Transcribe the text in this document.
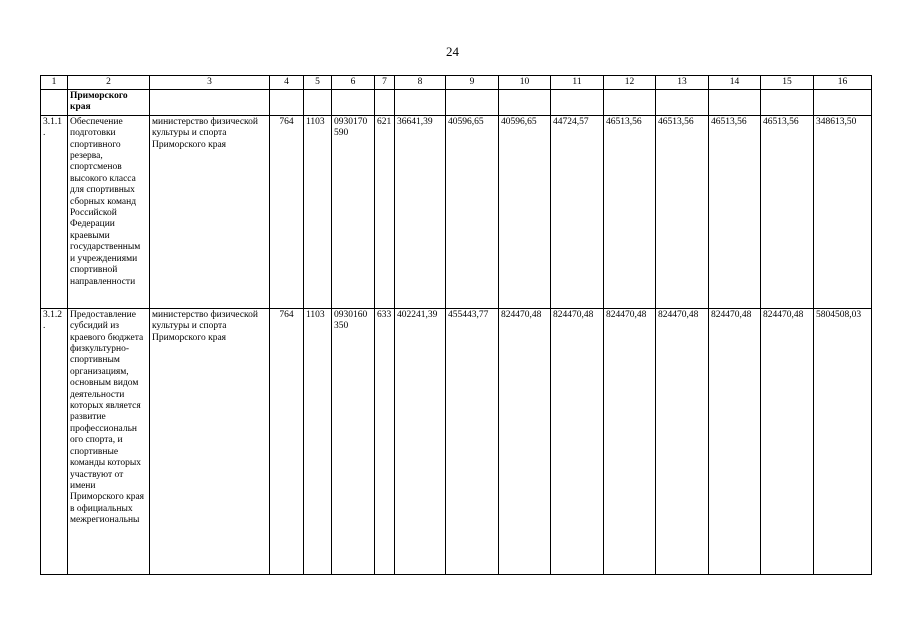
24
1	2	3	4	5	6	7	8	9	10	11	12	13	14	15	16
	Приморского края														
3.1.1 .	Обеспечение подготовки спортивного резерва, спортсменов высокого класса для спортивных сборных команд Российской Федерации краевыми государственным и учреждениями спортивной направленности	министерство физической культуры и спорта Приморского края	764	1103	0930170 590	621	36641,39	40596,65	40596,65	44724,57	46513,56	46513,56	46513,56	46513,56	348613,50
3.1.2 .	Предоставление субсидий из краевого бюджета физкультурно-спортивным организациям, основным видом деятельности которых является развитие профессиональн ого спорта, и спортивные команды которых участвуют от имени Приморского края в официальных межрегиональны	министерство физической культуры и спорта Приморского края	764	1103	0930160 350	633	402241,39	455443,77	824470,48	824470,48	824470,48	824470,48	824470,48	824470,48	5804508,03
